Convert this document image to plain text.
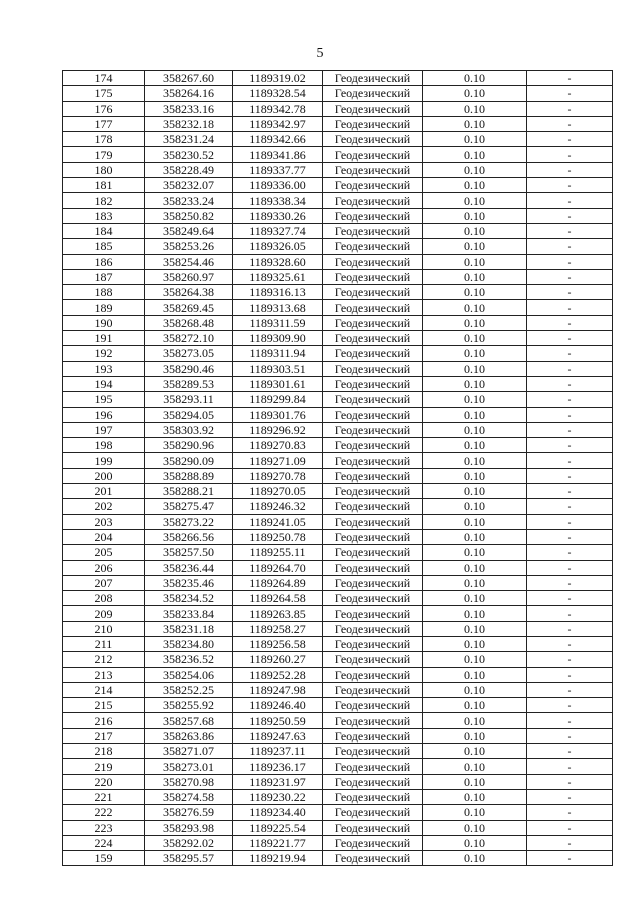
5
174	358267.60	1189319.02	Геодезический	0.10	-
175	358264.16	1189328.54	Геодезический	0.10	-
176	358233.16	1189342.78	Геодезический	0.10	-
177	358232.18	1189342.97	Геодезический	0.10	-
178	358231.24	1189342.66	Геодезический	0.10	-
179	358230.52	1189341.86	Геодезический	0.10	-
180	358228.49	1189337.77	Геодезический	0.10	-
181	358232.07	1189336.00	Геодезический	0.10	-
182	358233.24	1189338.34	Геодезический	0.10	-
183	358250.82	1189330.26	Геодезический	0.10	-
184	358249.64	1189327.74	Геодезический	0.10	-
185	358253.26	1189326.05	Геодезический	0.10	-
186	358254.46	1189328.60	Геодезический	0.10	-
187	358260.97	1189325.61	Геодезический	0.10	-
188	358264.38	1189316.13	Геодезический	0.10	-
189	358269.45	1189313.68	Геодезический	0.10	-
190	358268.48	1189311.59	Геодезический	0.10	-
191	358272.10	1189309.90	Геодезический	0.10	-
192	358273.05	1189311.94	Геодезический	0.10	-
193	358290.46	1189303.51	Геодезический	0.10	-
194	358289.53	1189301.61	Геодезический	0.10	-
195	358293.11	1189299.84	Геодезический	0.10	-
196	358294.05	1189301.76	Геодезический	0.10	-
197	358303.92	1189296.92	Геодезический	0.10	-
198	358290.96	1189270.83	Геодезический	0.10	-
199	358290.09	1189271.09	Геодезический	0.10	-
200	358288.89	1189270.78	Геодезический	0.10	-
201	358288.21	1189270.05	Геодезический	0.10	-
202	358275.47	1189246.32	Геодезический	0.10	-
203	358273.22	1189241.05	Геодезический	0.10	-
204	358266.56	1189250.78	Геодезический	0.10	-
205	358257.50	1189255.11	Геодезический	0.10	-
206	358236.44	1189264.70	Геодезический	0.10	-
207	358235.46	1189264.89	Геодезический	0.10	-
208	358234.52	1189264.58	Геодезический	0.10	-
209	358233.84	1189263.85	Геодезический	0.10	-
210	358231.18	1189258.27	Геодезический	0.10	-
211	358234.80	1189256.58	Геодезический	0.10	-
212	358236.52	1189260.27	Геодезический	0.10	-
213	358254.06	1189252.28	Геодезический	0.10	-
214	358252.25	1189247.98	Геодезический	0.10	-
215	358255.92	1189246.40	Геодезический	0.10	-
216	358257.68	1189250.59	Геодезический	0.10	-
217	358263.86	1189247.63	Геодезический	0.10	-
218	358271.07	1189237.11	Геодезический	0.10	-
219	358273.01	1189236.17	Геодезический	0.10	-
220	358270.98	1189231.97	Геодезический	0.10	-
221	358274.58	1189230.22	Геодезический	0.10	-
222	358276.59	1189234.40	Геодезический	0.10	-
223	358293.98	1189225.54	Геодезический	0.10	-
224	358292.02	1189221.77	Геодезический	0.10	-
159	358295.57	1189219.94	Геодезический	0.10	-
